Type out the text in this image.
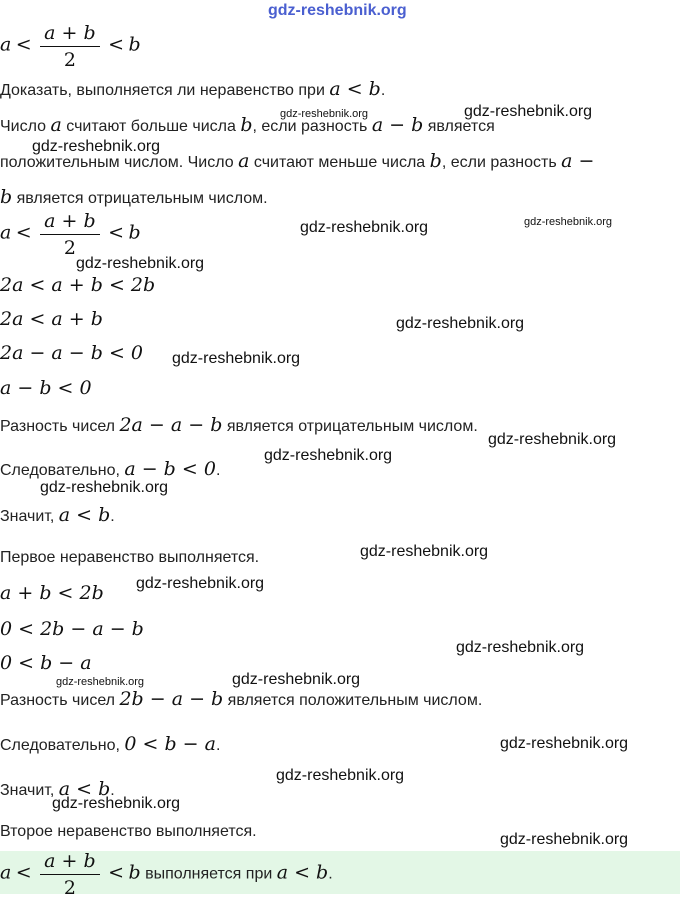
gdz-reshebnik.org
$a < \frac{a + b}{2} < b$
Доказать, выполняется ли неравенство при a < b.
Число a считают больше числа b, если разность a − b является
положительным числом. Число a считают меньше числа b, если разность a −
b является отрицательным числом.
$a < \frac{a + b}{2} < b$
2a < a + b < 2b
2a < a + b
2a − a − b < 0
a − b < 0
Разность чисел 2a − a − b является отрицательным числом.
Следовательно, a − b < 0.
Значит, a < b.
Первое неравенство выполняется.
a + b < 2b
0 < 2b − a − b
0 < b − a
Разность чисел 2b − a − b является положительным числом.
Следовательно, 0 < b − a.
Значит, a < b.
Второе неравенство выполняется.
$a < \frac{a + b}{2} < b$ выполняется при a < b.
gdz-reshebnik.org	gdz-reshebnik.org
gdz-reshebnik.org
gdz-reshebnik.org	gdz-reshebnik.org
gdz-reshebnik.org
gdz-reshebnik.org
gdz-reshebnik.org
gdz-reshebnik.org
gdz-reshebnik.org
gdz-reshebnik.org
gdz-reshebnik.org
gdz-reshebnik.org
gdz-reshebnik.org
gdz-reshebnik.org	gdz-reshebnik.org
gdz-reshebnik.org
gdz-reshebnik.org
gdz-reshebnik.org
gdz-reshebnik.org
